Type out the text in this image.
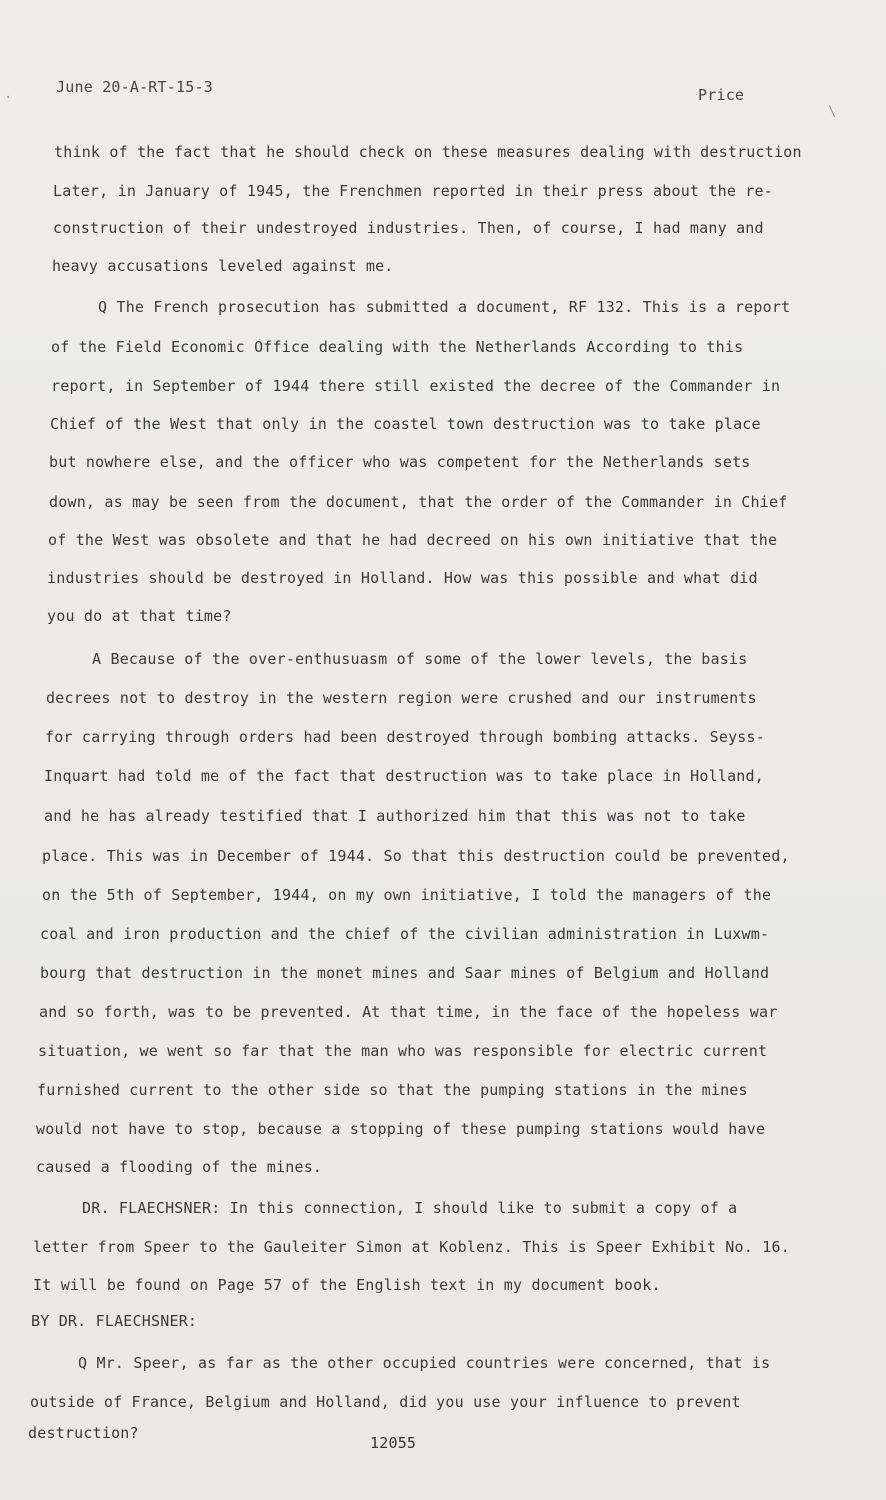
June 20-A-RT-15-3	Price
·
\
think of the fact that he should check on these measures dealing with destruction
Later, in January of 1945, the Frenchmen reported in their press about the re-
construction of their undestroyed industries. Then, of course, I had many and
heavy accusations leveled against me.
Q The French prosecution has submitted a document, RF 132. This is a report
of the Field Economic Office dealing with the Netherlands According to this
report, in September of 1944 there still existed the decree of the Commander in
Chief of the West that only in the coastel town destruction was to take place
but nowhere else, and the officer who was competent for the Netherlands sets
down, as may be seen from the document, that the order of the Commander in Chief
of the West was obsolete and that he had decreed on his own initiative that the
industries should be destroyed in Holland. How was this possible and what did
you do at that time?
A Because of the over-enthusuasm of some of the lower levels, the basis
decrees not to destroy in the western region were crushed and our instruments
for carrying through orders had been destroyed through bombing attacks. Seyss-
Inquart had told me of the fact that destruction was to take place in Holland,
and he has already testified that I authorized him that this was not to take
place. This was in December of 1944. So that this destruction could be prevented,
on the 5th of September, 1944, on my own initiative, I told the managers of the
coal and iron production and the chief of the civilian administration in Luxwm-
bourg that destruction in the monet mines and Saar mines of Belgium and Holland
and so forth, was to be prevented. At that time, in the face of the hopeless war
situation, we went so far that the man who was responsible for electric current
furnished current to the other side so that the pumping stations in the mines
would not have to stop, because a stopping of these pumping stations would have
caused a flooding of the mines.
DR. FLAECHSNER: In this connection, I should like to submit a copy of a
letter from Speer to the Gauleiter Simon at Koblenz. This is Speer Exhibit No. 16.
It will be found on Page 57 of the English text in my document book.
BY DR. FLAECHSNER:
Q Mr. Speer, as far as the other occupied countries were concerned, that is
outside of France, Belgium and Holland, did you use your influence to prevent
destruction?
12055
